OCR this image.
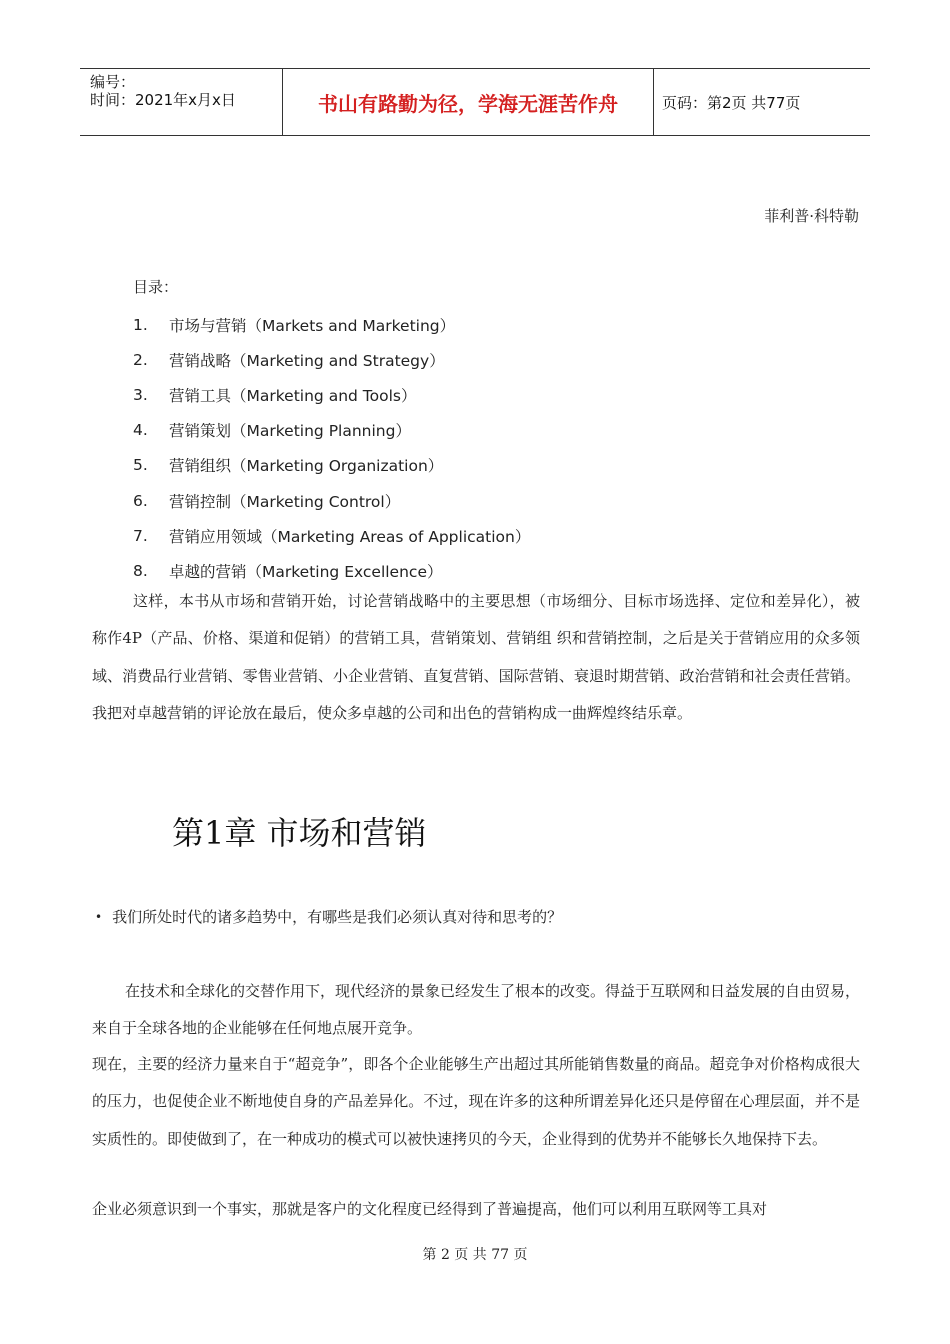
编号：
时间：2021年x月x日	书山有路勤为径，学海无涯苦作舟	页码：第2页 共77页
菲利普·科特勒
目录：
1.	市场与营销 （Markets and Marketing）
2.	营销战略 （Marketing and Strategy）
3.	营销工具 （Marketing and Tools）
4.	营销策划 （Marketing Planning）
5.	营销组织 （Marketing Organization）
6.	营销控制 （Marketing Control）
7.	营销应用领域 （Marketing Areas of Application）
8.	卓越的营销 （Marketing Excellence）

这样，本书从市场和营销开始，讨论营销战略中的主要思想（市场细分、目标市场选择、定位和差异化），被称作4P（产品、价格、渠道和促销）的营销工具，营销策划、营销组 织和营销控制，之后是关于营销应用的众多领域、消费品行业营销、零售业营销、小企业营销、直复营销、国际营销、衰退时期营销、政治营销和社会责任营销。我把对卓越营销的评论放在最后，使众多卓越的公司和出色的营销构成一曲辉煌终结乐章。

第1章 市场和营销
• 我们所处时代的诸多趋势中，有哪些是我们必须认真对待和思考的？

在技术和全球化的交替作用下，现代经济的景象已经发生了根本的改变。得益于互联网和日益发展的自由贸易，来自于全球各地的企业能够在任何地点展开竞争。

现在，主要的经济力量来自于“超竞争”，即各个企业能够生产出超过其所能销售数量的商品。超竞争对价格构成很大的压力，也促使企业不断地使自身的产品差异化。不过，现在许多的这种所谓差异化还只是停留在心理层面，并不是实质性的。即使做到了，在一种成功的模式可以被快速拷贝的今天，企业得到的优势并不能够长久地保持下去。

企业必须意识到一个事实，那就是客户的文化程度已经得到了普遍提高，他们可以利用互联网等工具对

第 2 页 共 77 页
